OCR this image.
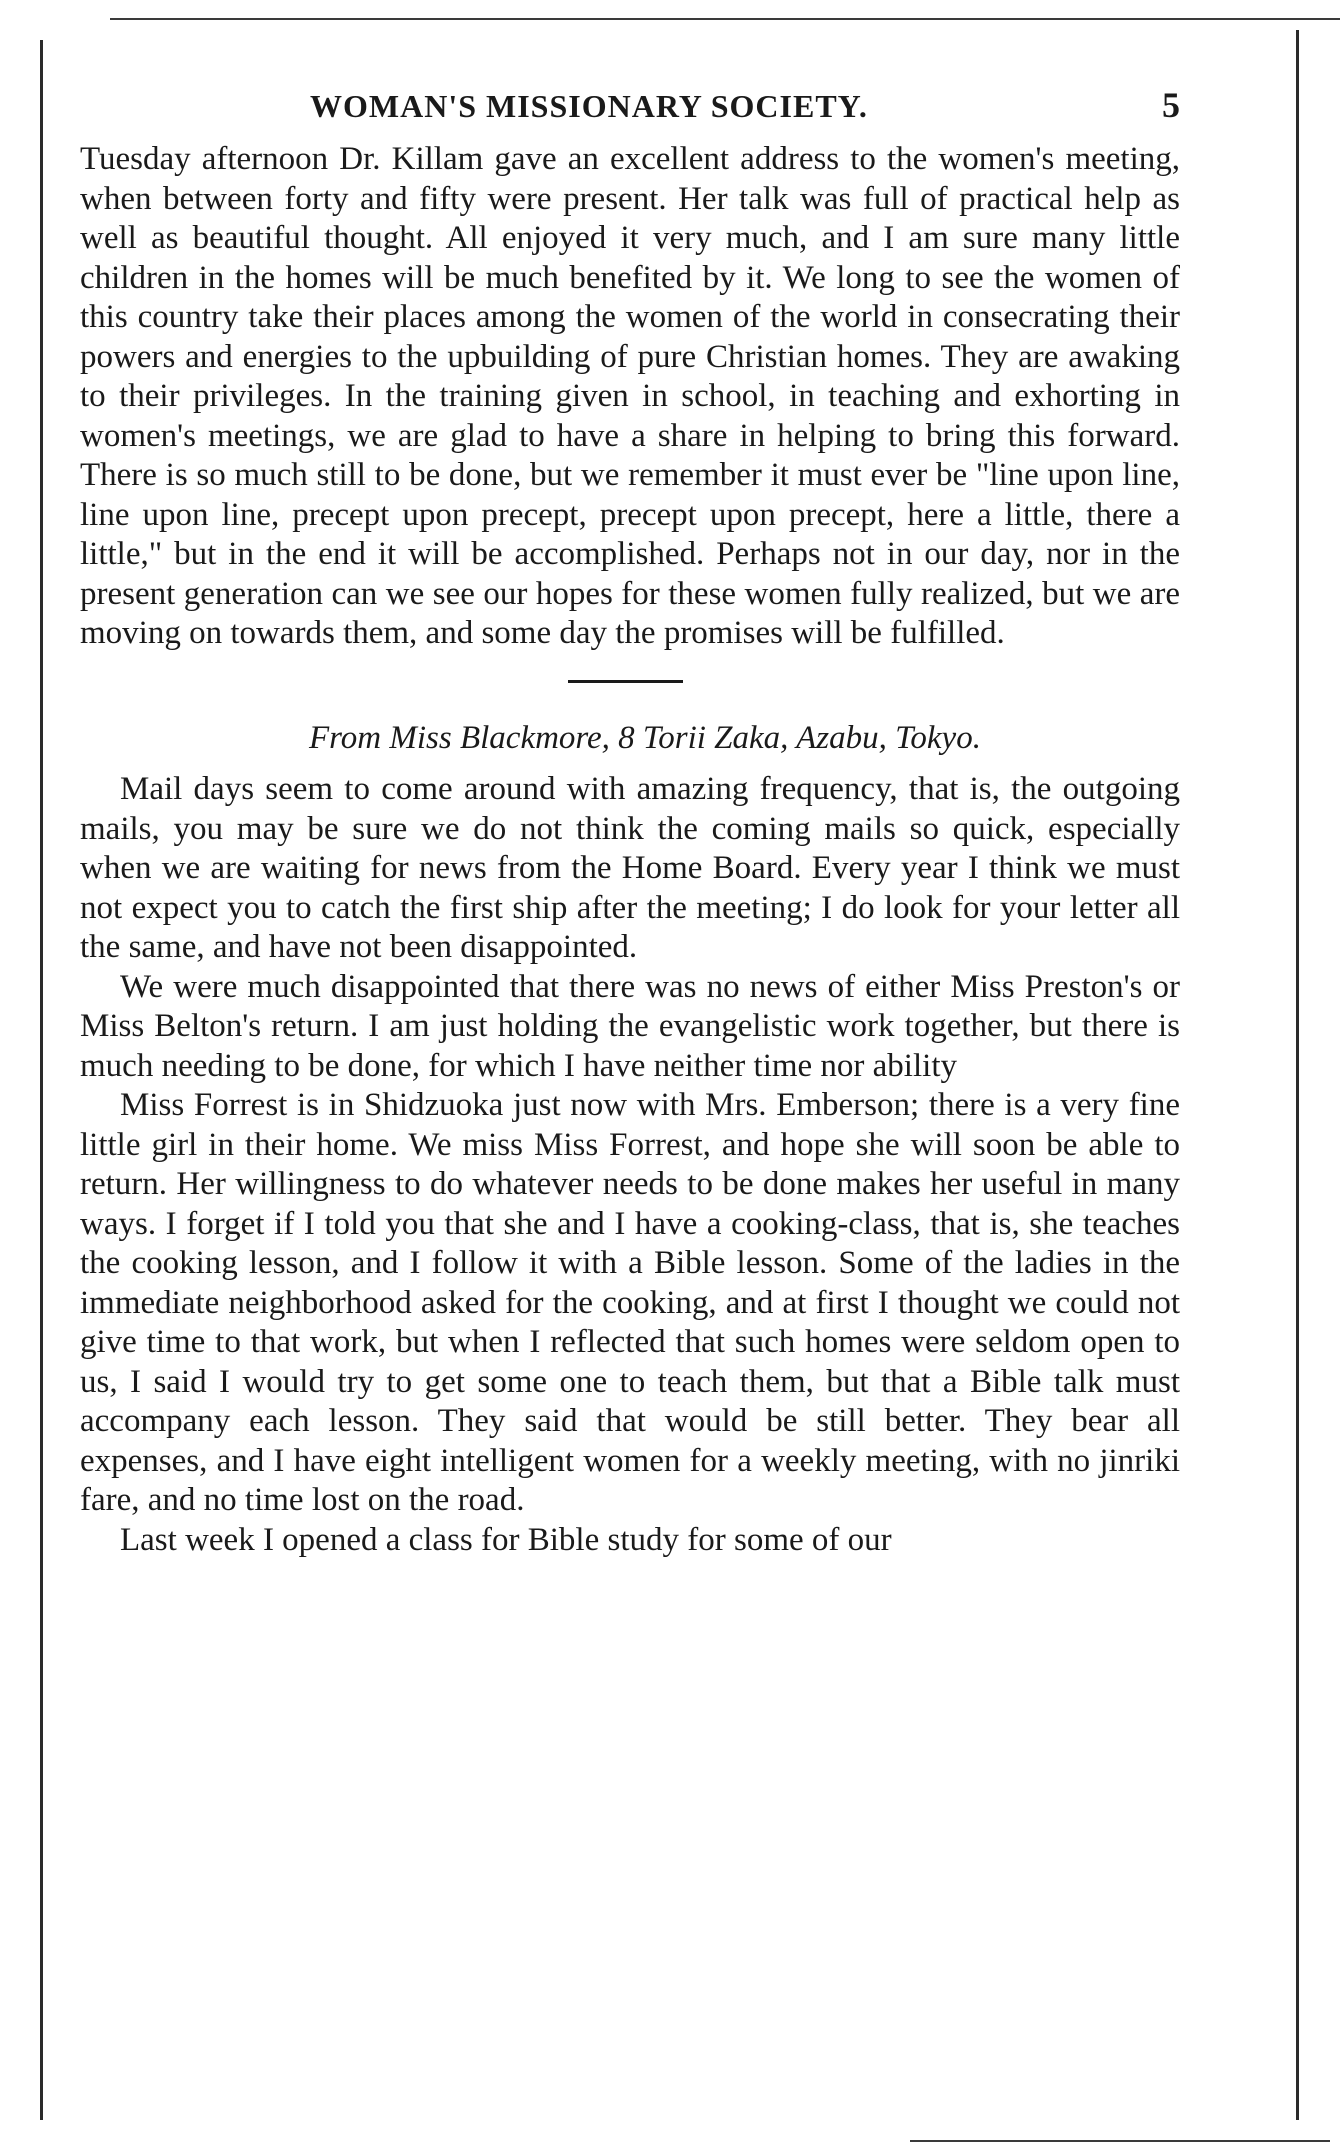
WOMAN'S MISSIONARY SOCIETY.	5

Tuesday afternoon Dr. Killam gave an excellent address to the women's meeting, when between forty and fifty were present. Her talk was full of practical help as well as beautiful thought. All enjoyed it very much, and I am sure many little children in the homes will be much benefited by it. We long to see the women of this country take their places among the women of the world in consecrating their powers and energies to the upbuilding of pure Christian homes. They are awaking to their privileges. In the training given in school, in teaching and exhorting in women's meetings, we are glad to have a share in helping to bring this forward. There is so much still to be done, but we remember it must ever be "line upon line, line upon line, precept upon precept, precept upon precept, here a little, there a little," but in the end it will be accomplished. Perhaps not in our day, nor in the present generation can we see our hopes for these women fully realized, but we are moving on towards them, and some day the promises will be fulfilled.

From Miss Blackmore, 8 Torii Zaka, Azabu, Tokyo.

Mail days seem to come around with amazing frequency, that is, the outgoing mails, you may be sure we do not think the coming mails so quick, especially when we are waiting for news from the Home Board. Every year I think we must not expect you to catch the first ship after the meeting; I do look for your letter all the same, and have not been disappointed.

We were much disappointed that there was no news of either Miss Preston's or Miss Belton's return. I am just holding the evangelistic work together, but there is much needing to be done, for which I have neither time nor ability

Miss Forrest is in Shidzuoka just now with Mrs. Emberson; there is a very fine little girl in their home. We miss Miss Forrest, and hope she will soon be able to return. Her willingness to do whatever needs to be done makes her useful in many ways. I forget if I told you that she and I have a cooking-class, that is, she teaches the cooking lesson, and I follow it with a Bible lesson. Some of the ladies in the immediate neighborhood asked for the cooking, and at first I thought we could not give time to that work, but when I reflected that such homes were seldom open to us, I said I would try to get some one to teach them, but that a Bible talk must accompany each lesson. They said that would be still better. They bear all expenses, and I have eight intelligent women for a weekly meeting, with no jinriki fare, and no time lost on the road.

Last week I opened a class for Bible study for some of our
